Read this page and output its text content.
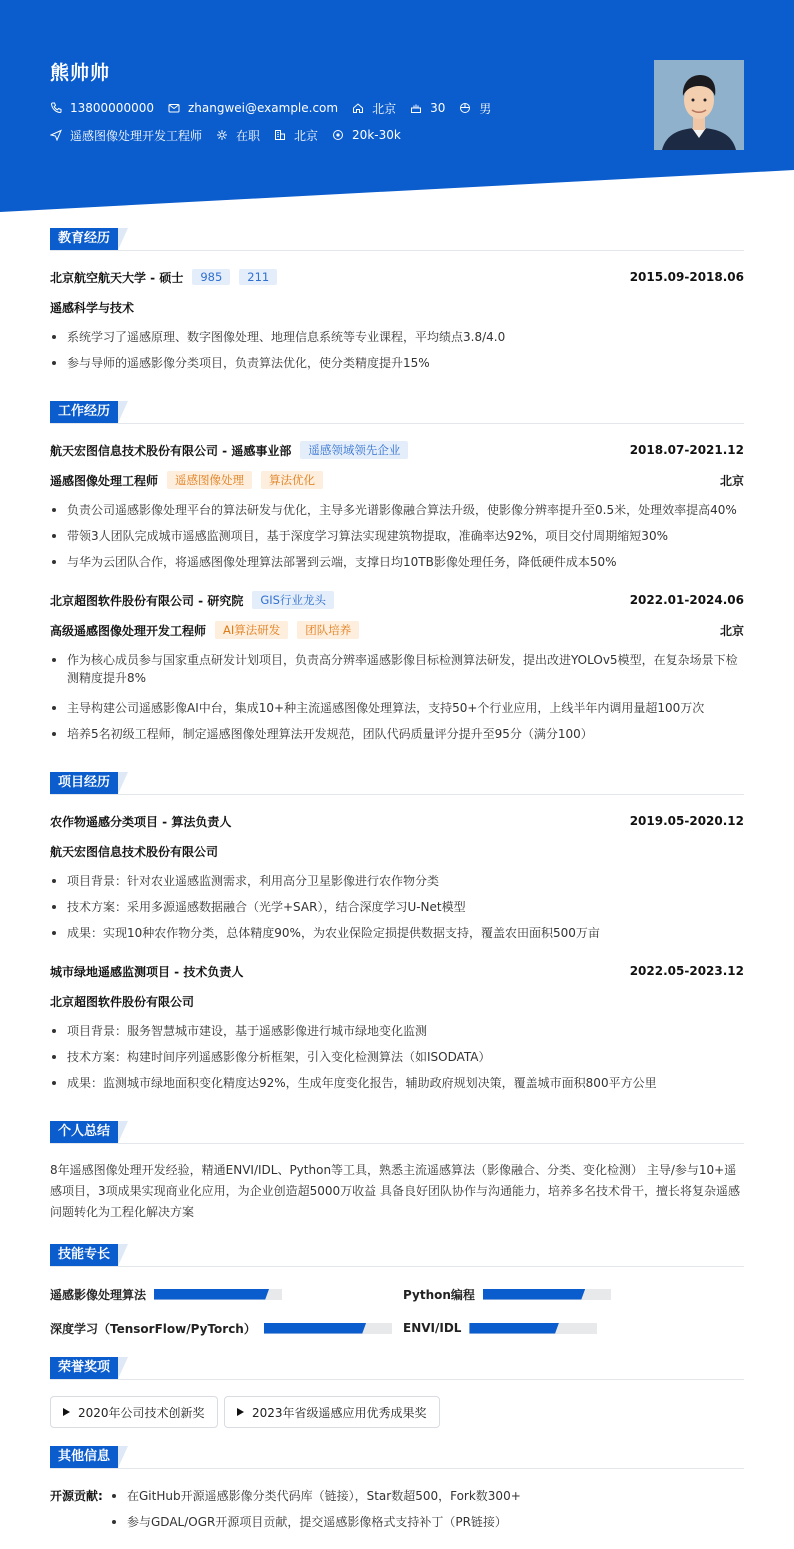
熊帅帅
13800000000	zhangwei@example.com	北京	30	男
遥感图像处理开发工程师	在职	北京	20k-30k
教育经历
北京航空航天大学 - 硕士	985	211	2015.09-2018.06
遥感科学与技术
系统学习了遥感原理、数字图像处理、地理信息系统等专业课程，平均绩点3.8/4.0
参与导师的遥感影像分类项目，负责算法优化，使分类精度提升15%
工作经历
航天宏图信息技术股份有限公司 - 遥感事业部	遥感领域领先企业	2018.07-2021.12
遥感图像处理工程师	遥感图像处理	算法优化	北京
负责公司遥感影像处理平台的算法研发与优化，主导多光谱影像融合算法升级，使影像分辨率提升至0.5米，处理效率提高40%
带领3人团队完成城市遥感监测项目，基于深度学习算法实现建筑物提取，准确率达92%，项目交付周期缩短30%
与华为云团队合作，将遥感图像处理算法部署到云端，支撑日均10TB影像处理任务，降低硬件成本50%
北京超图软件股份有限公司 - 研究院	GIS行业龙头	2022.01-2024.06
高级遥感图像处理开发工程师	AI算法研发	团队培养	北京
作为核心成员参与国家重点研发计划项目，负责高分辨率遥感影像目标检测算法研发，提出改进YOLOv5模型，在复杂场景下检测精度提升8%
主导构建公司遥感影像AI中台，集成10+种主流遥感图像处理算法，支持50+个行业应用，上线半年内调用量超100万次
培养5名初级工程师，制定遥感图像处理算法开发规范，团队代码质量评分提升至95分（满分100）
项目经历
农作物遥感分类项目 - 算法负责人	2019.05-2020.12
航天宏图信息技术股份有限公司
项目背景：针对农业遥感监测需求，利用高分卫星影像进行农作物分类
技术方案：采用多源遥感数据融合（光学+SAR），结合深度学习U-Net模型
成果：实现10种农作物分类，总体精度90%，为农业保险定损提供数据支持，覆盖农田面积500万亩
城市绿地遥感监测项目 - 技术负责人	2022.05-2023.12
北京超图软件股份有限公司
项目背景：服务智慧城市建设，基于遥感影像进行城市绿地变化监测
技术方案：构建时间序列遥感影像分析框架，引入变化检测算法（如ISODATA）
成果：监测城市绿地面积变化精度达92%，生成年度变化报告，辅助政府规划决策，覆盖城市面积800平方公里
个人总结
8年遥感图像处理开发经验，精通ENVI/IDL、Python等工具，熟悉主流遥感算法（影像融合、分类、变化检测） 主导/参与10+遥感项目，3项成果实现商业化应用，为企业创造超5000万收益 具备良好团队协作与沟通能力，培养多名技术骨干，擅长将复杂遥感问题转化为工程化解决方案
技能专长
遥感影像处理算法	Python编程
深度学习（TensorFlow/PyTorch）	ENVI/IDL
荣誉奖项
2020年公司技术创新奖	2023年省级遥感应用优秀成果奖
其他信息
开源贡献:	在GitHub开源遥感影像分类代码库（链接），Star数超500，Fork数300+
参与GDAL/OGR开源项目贡献，提交遥感影像格式支持补丁（PR链接）
